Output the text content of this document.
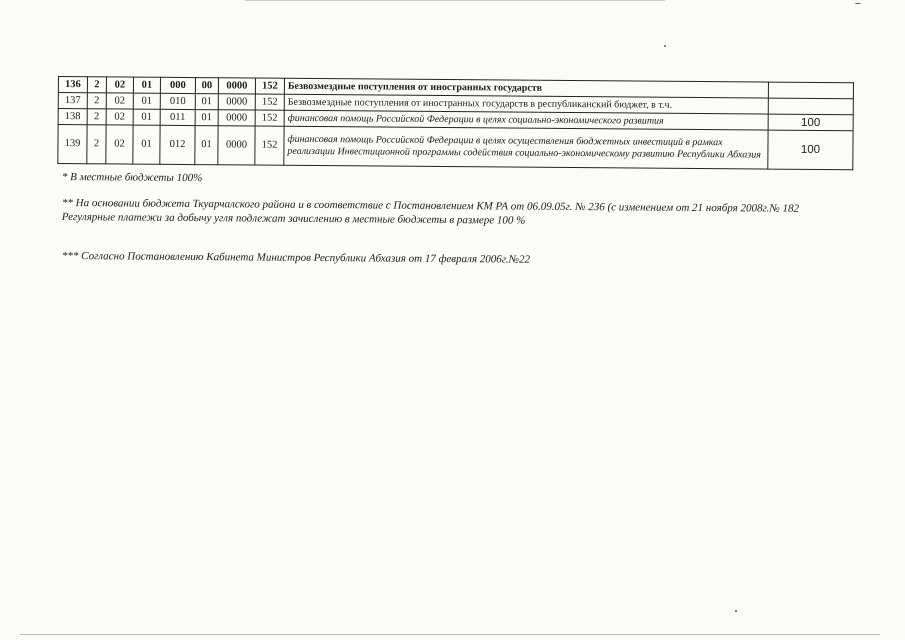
136	2	02	01	000	00	0000	152	Безвозмездные поступления от иностранных государств	
137	2	02	01	010	01	0000	152	Безвозмездные поступления от иностранных государств в республиканский бюджет, в т.ч.	
138	2	02	01	011	01	0000	152	финансовая помощь Российской Федерации в целях социально-экономического развития	100
139	2	02	01	012	01	0000	152	финансовая помощь Российской Федерации в целях осуществления бюджетных инвестиций в рамках реализации Инвестиционной программы содействия социально-экономическому развитию Республики Абхазия	100
* В местные бюджеты 100%
** На основании бюджета Ткуарчалского района и в соответствие с Постановлением КМ РА от 06.09.05г. № 236 (с изменением от 21 ноября 2008г.№ 182 Регулярные платежи за добычу угля подлежат зачислению в местные бюджеты в размере 100 %
*** Согласно Постановлению Кабинета Министров Республики Абхазия от 17 февраля 2006г.№22
